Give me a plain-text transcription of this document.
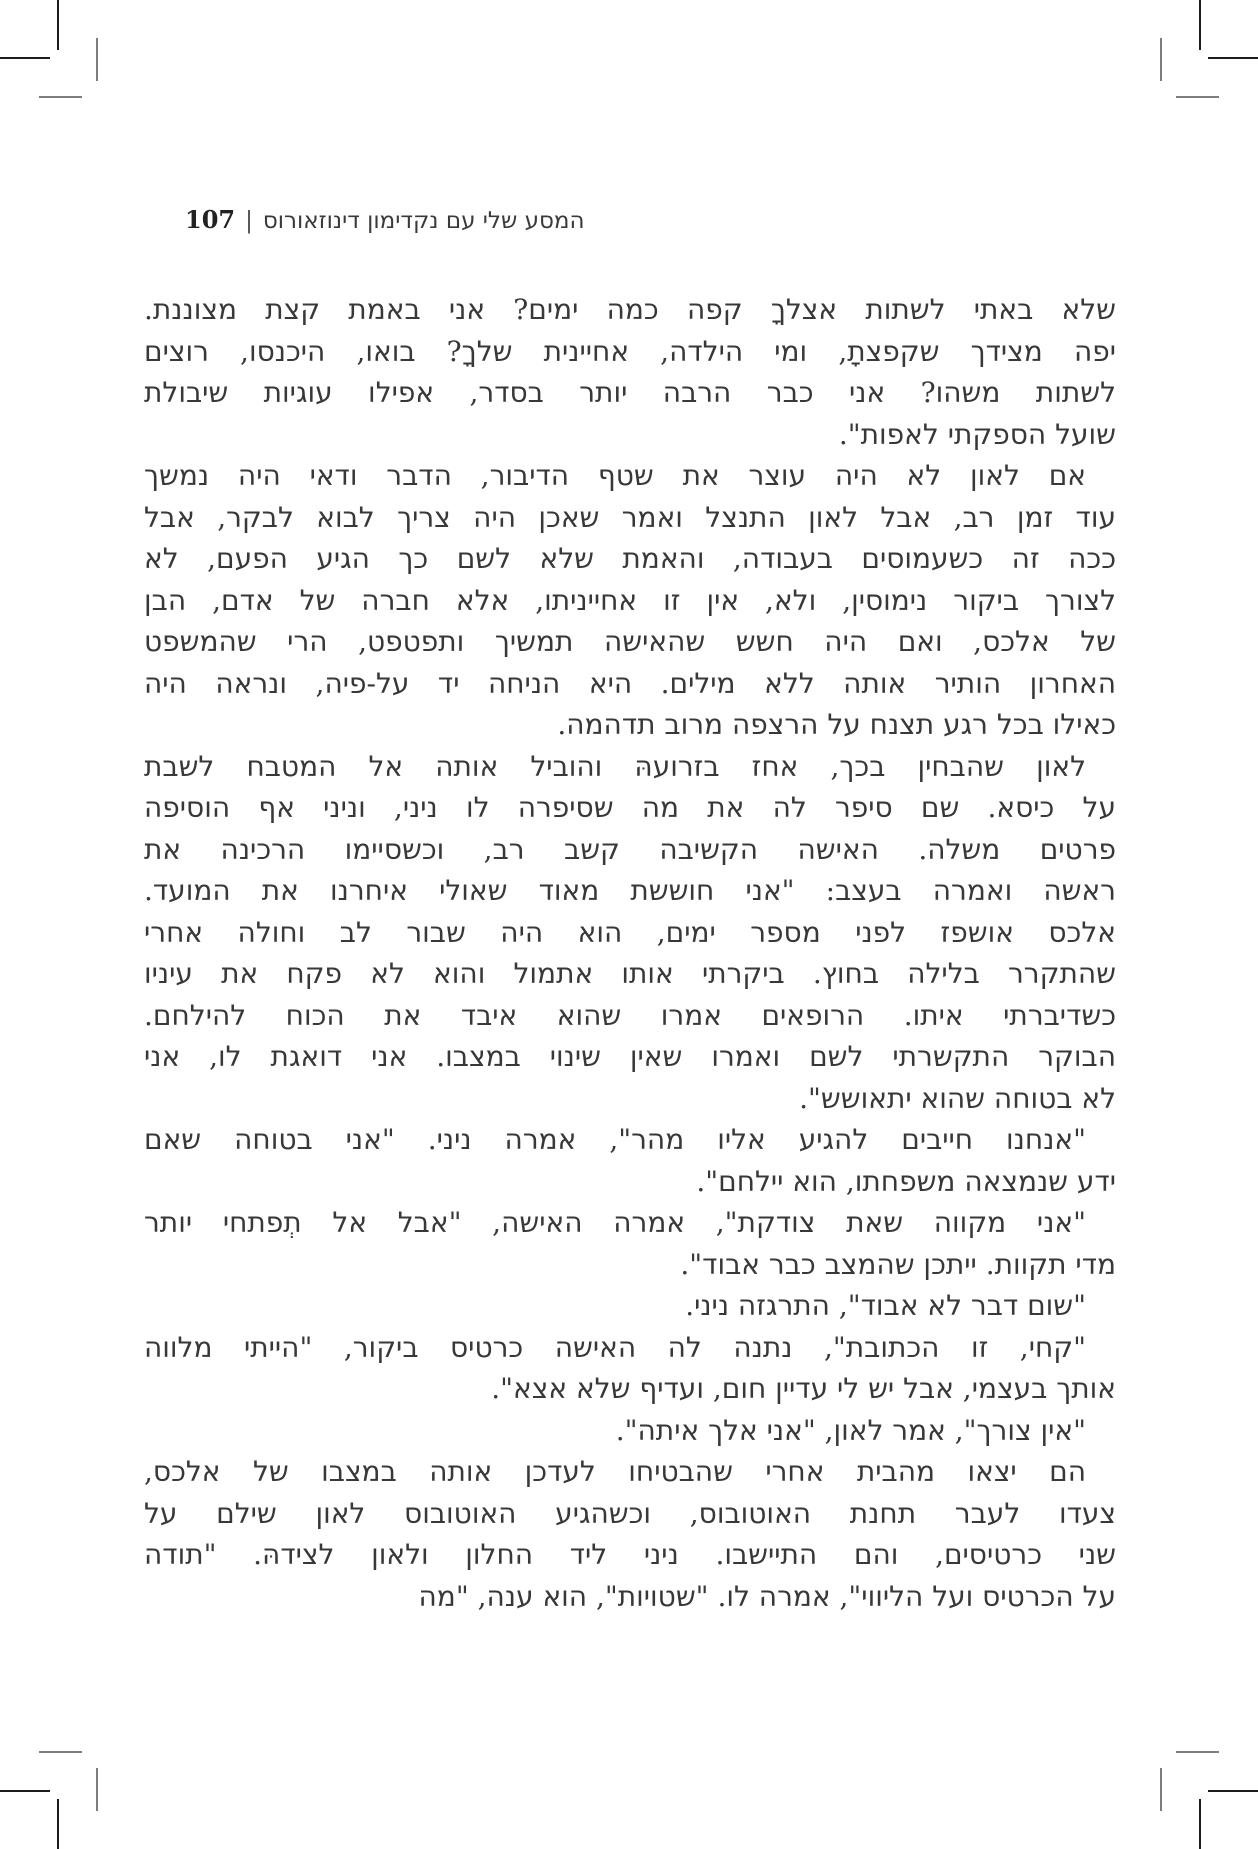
המסע שלי עם נקדימון דינוזאורוס|107
שלא באתי לשתות אצלךָ קפה כמה ימים? אני באמת קצת מצוננת.
יפה מצידך שקפצתָ, ומי הילדה, אחיינית שלךָ? בואו, היכנסו, רוצים
לשתות משהו? אני כבר הרבה יותר בסדר, אפילו עוגיות שיבולת
שועל הספקתי לאפות".
אם לאון לא היה עוצר את שטף הדיבור, הדבר ודאי היה נמשך
עוד זמן רב, אבל לאון התנצל ואמר שאכן היה צריך לבוא לבקר, אבל
ככה זה כשעמוסים בעבודה, והאמת שלא לשם כך הגיע הפעם, לא
לצורך ביקור נימוסין, ולא, אין זו אחייניתו, אלא חברה של אדם, הבן
של אלכס, ואם היה חשש שהאישה תמשיך ותפטפט, הרי שהמשפט
האחרון הותיר אותה ללא מילים. היא הניחה יד על-פיה, ונראה היה
כאילו בכל רגע תצנח על הרצפה מרוב תדהמה.
לאון שהבחין בכך, אחז בזרועהּ והוביל אותה אל המטבח לשבת
על כיסא. שם סיפר לה את מה שסיפרה לו ניני, וניני אף הוסיפה
פרטים משלה. האישה הקשיבה קשב רב, וכשסיימו הרכינה את
ראשה ואמרה בעצב: "אני חוששת מאוד שאולי איחרנו את המועד.
אלכס אושפז לפני מספר ימים, הוא היה שבור לב וחולה אחרי
שהתקרר בלילה בחוץ. ביקרתי אותו אתמול והוא לא פקח את עיניו
כשדיברתי איתו. הרופאים אמרו שהוא איבד את הכוח להילחם.
הבוקר התקשרתי לשם ואמרו שאין שינוי במצבו. אני דואגת לו, אני
לא בטוחה שהוא יתאושש".
"אנחנו חייבים להגיע אליו מהר", אמרה ניני. "אני בטוחה שאם
ידע שנמצאה משפחתו, הוא יילחם".
"אני מקווה שאת צודקת", אמרה האישה, "אבל אל תְפתחי יותר
מדי תקוות. ייתכן שהמצב כבר אבוד".
"שום דבר לא אבוד", התרגזה ניני.
"קחי, זו הכתובת", נתנה לה האישה כרטיס ביקור, "הייתי מלווה
אותך בעצמי, אבל יש לי עדיין חום, ועדיף שלא אצא".
"אין צורך", אמר לאון, "אני אלך איתה".
הם יצאו מהבית אחרי שהבטיחו לעדכן אותה במצבו של אלכס,
צעדו לעבר תחנת האוטובוס, וכשהגיע האוטובוס לאון שילם על
שני כרטיסים, והם התיישבו. ניני ליד החלון ולאון לצידהּ. "תודה
על הכרטיס ועל הליווי", אמרה לו. "שטויות", הוא ענה, "מה
